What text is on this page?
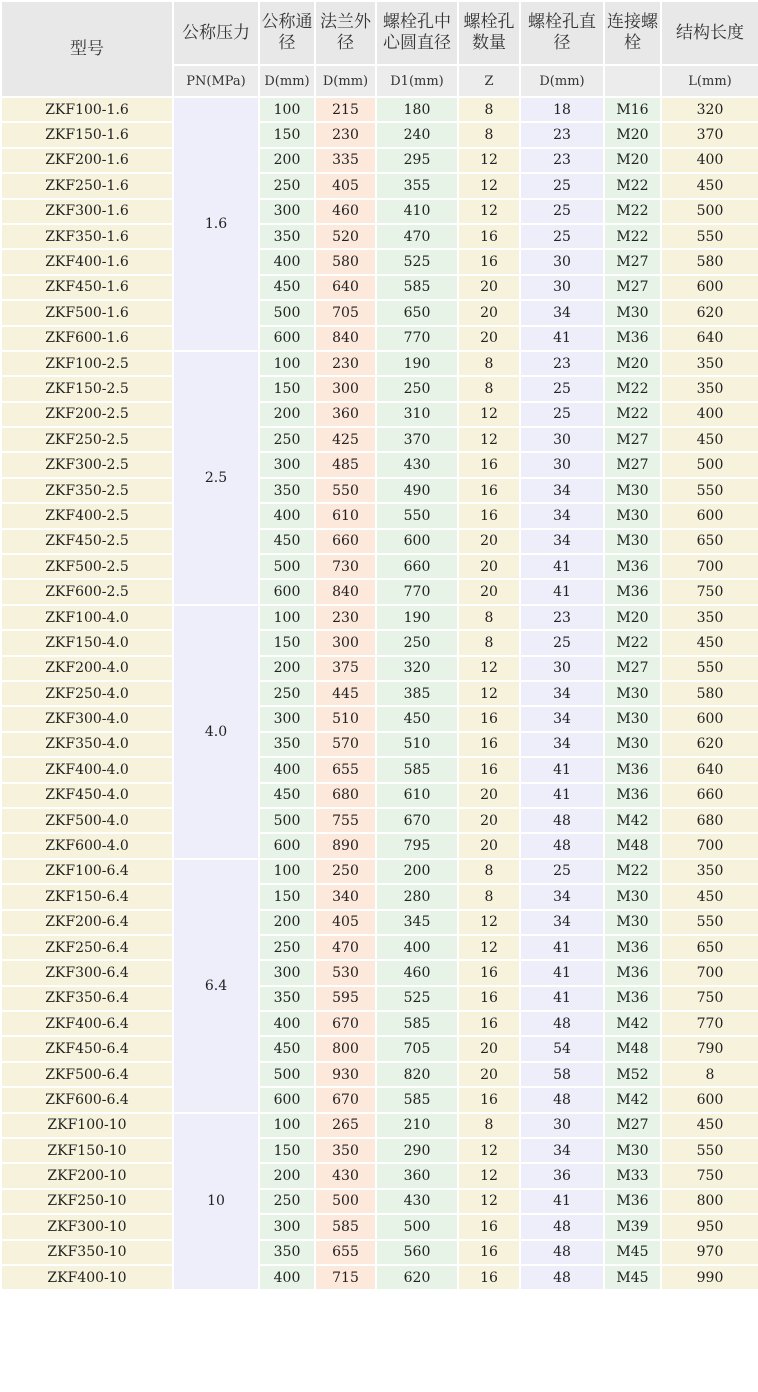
型号	公称压力	公称通径	法兰外径	螺栓孔中心圆直径	螺栓孔数量	螺栓孔直径	连接螺栓	结构长度
	PN(MPa)	D(mm)	D(mm)	D1(mm)	Z	D(mm)		L(mm)
ZKF100-1.6	1.6	100	215	180	8	18	M16	320
ZKF150-1.6		150	230	240	8	23	M20	370
ZKF200-1.6		200	335	295	12	23	M20	400
ZKF250-1.6		250	405	355	12	25	M22	450
ZKF300-1.6		300	460	410	12	25	M22	500
ZKF350-1.6		350	520	470	16	25	M22	550
ZKF400-1.6		400	580	525	16	30	M27	580
ZKF450-1.6		450	640	585	20	30	M27	600
ZKF500-1.6		500	705	650	20	34	M30	620
ZKF600-1.6		600	840	770	20	41	M36	640
ZKF100-2.5	2.5	100	230	190	8	23	M20	350
ZKF150-2.5		150	300	250	8	25	M22	350
ZKF200-2.5		200	360	310	12	25	M22	400
ZKF250-2.5		250	425	370	12	30	M27	450
ZKF300-2.5		300	485	430	16	30	M27	500
ZKF350-2.5		350	550	490	16	34	M30	550
ZKF400-2.5		400	610	550	16	34	M30	600
ZKF450-2.5		450	660	600	20	34	M30	650
ZKF500-2.5		500	730	660	20	41	M36	700
ZKF600-2.5		600	840	770	20	41	M36	750
ZKF100-4.0	4.0	100	230	190	8	23	M20	350
ZKF150-4.0		150	300	250	8	25	M22	450
ZKF200-4.0		200	375	320	12	30	M27	550
ZKF250-4.0		250	445	385	12	34	M30	580
ZKF300-4.0		300	510	450	16	34	M30	600
ZKF350-4.0		350	570	510	16	34	M30	620
ZKF400-4.0		400	655	585	16	41	M36	640
ZKF450-4.0		450	680	610	20	41	M36	660
ZKF500-4.0		500	755	670	20	48	M42	680
ZKF600-4.0		600	890	795	20	48	M48	700
ZKF100-6.4	6.4	100	250	200	8	25	M22	350
ZKF150-6.4		150	340	280	8	34	M30	450
ZKF200-6.4		200	405	345	12	34	M30	550
ZKF250-6.4		250	470	400	12	41	M36	650
ZKF300-6.4		300	530	460	16	41	M36	700
ZKF350-6.4		350	595	525	16	41	M36	750
ZKF400-6.4		400	670	585	16	48	M42	770
ZKF450-6.4		450	800	705	20	54	M48	790
ZKF500-6.4		500	930	820	20	58	M52	8
ZKF600-6.4		600	670	585	16	48	M42	600
ZKF100-10	10	100	265	210	8	30	M27	450
ZKF150-10		150	350	290	12	34	M30	550
ZKF200-10		200	430	360	12	36	M33	750
ZKF250-10		250	500	430	12	41	M36	800
ZKF300-10		300	585	500	16	48	M39	950
ZKF350-10		350	655	560	16	48	M45	970
ZKF400-10		400	715	620	16	48	M45	990
